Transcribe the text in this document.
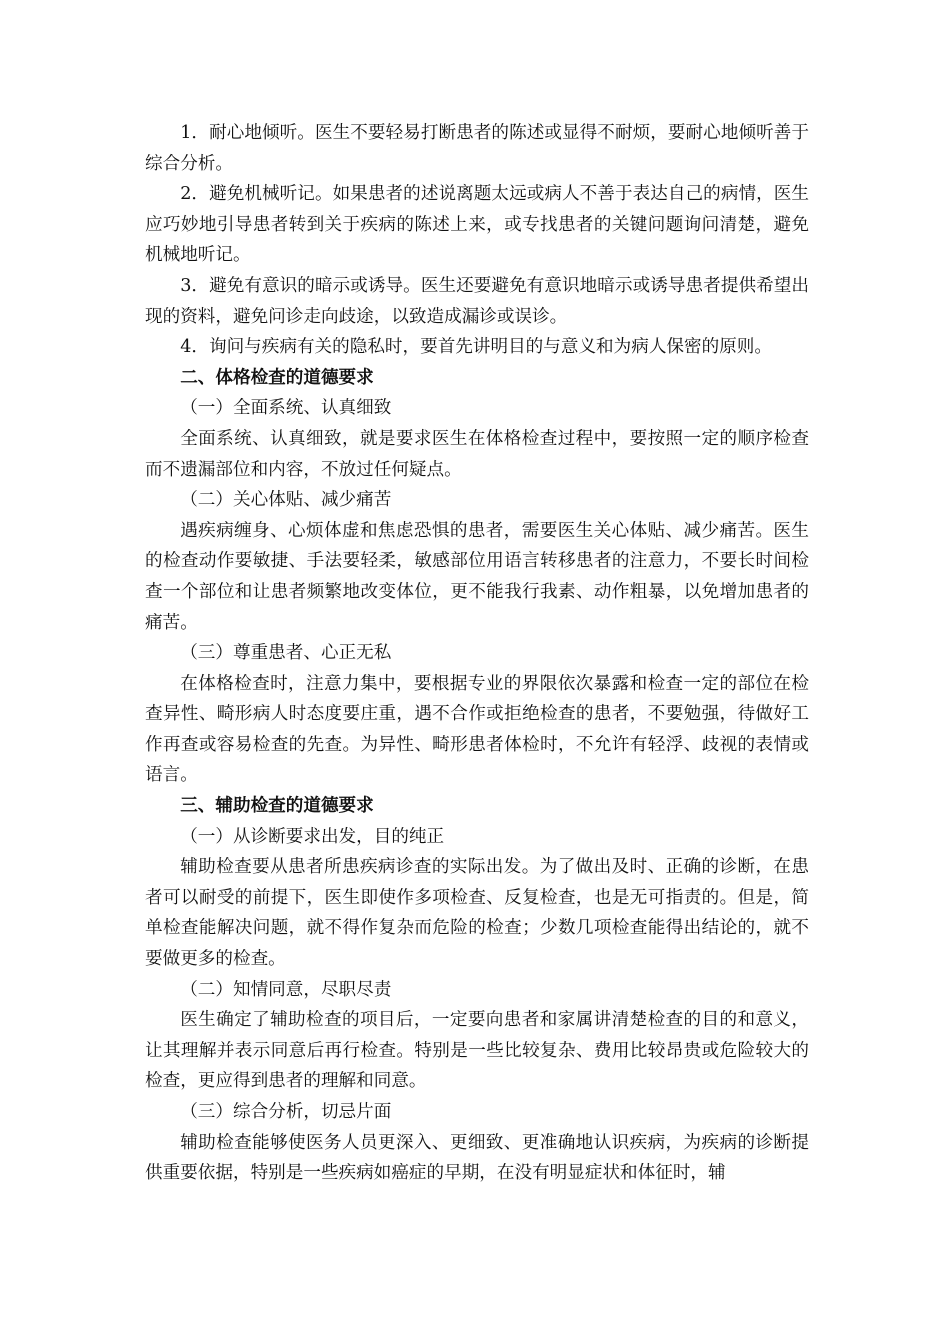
1．耐心地倾听。医生不要轻易打断患者的陈述或显得不耐烦，要耐心地倾听善于综合分析。

2．避免机械听记。如果患者的述说离题太远或病人不善于表达自己的病情，医生应巧妙地引导患者转到关于疾病的陈述上来，或专找患者的关键问题询问清楚，避免机械地听记。

3．避免有意识的暗示或诱导。医生还要避免有意识地暗示或诱导患者提供希望出现的资料，避免问诊走向歧途，以致造成漏诊或误诊。

4．询问与疾病有关的隐私时，要首先讲明目的与意义和为病人保密的原则。

二、体格检查的道德要求

（一）全面系统、认真细致

全面系统、认真细致，就是要求医生在体格检查过程中，要按照一定的顺序检查而不遗漏部位和内容，不放过任何疑点。

（二）关心体贴、减少痛苦

遇疾病缠身、心烦体虚和焦虑恐惧的患者，需要医生关心体贴、减少痛苦。医生的检查动作要敏捷、手法要轻柔，敏感部位用语言转移患者的注意力，不要长时间检查一个部位和让患者频繁地改变体位，更不能我行我素、动作粗暴，以免增加患者的痛苦。

（三）尊重患者、心正无私

在体格检查时，注意力集中，要根据专业的界限依次暴露和检查一定的部位在检查异性、畸形病人时态度要庄重，遇不合作或拒绝检查的患者，不要勉强，待做好工作再查或容易检查的先查。为异性、畸形患者体检时，不允许有轻浮、歧视的表情或语言。

三、辅助检查的道德要求

（一）从诊断要求出发，目的纯正

辅助检查要从患者所患疾病诊查的实际出发。为了做出及时、正确的诊断，在患者可以耐受的前提下，医生即使作多项检查、反复检查，也是无可指责的。但是，简单检查能解决问题，就不得作复杂而危险的检查；少数几项检查能得出结论的，就不要做更多的检查。

（二）知情同意，尽职尽责

医生确定了辅助检查的项目后，一定要向患者和家属讲清楚检查的目的和意义，让其理解并表示同意后再行检查。特别是一些比较复杂、费用比较昂贵或危险较大的检查，更应得到患者的理解和同意。

（三）综合分析，切忌片面

辅助检查能够使医务人员更深入、更细致、更准确地认识疾病，为疾病的诊断提供重要依据，特别是一些疾病如癌症的早期，在没有明显症状和体征时，辅
